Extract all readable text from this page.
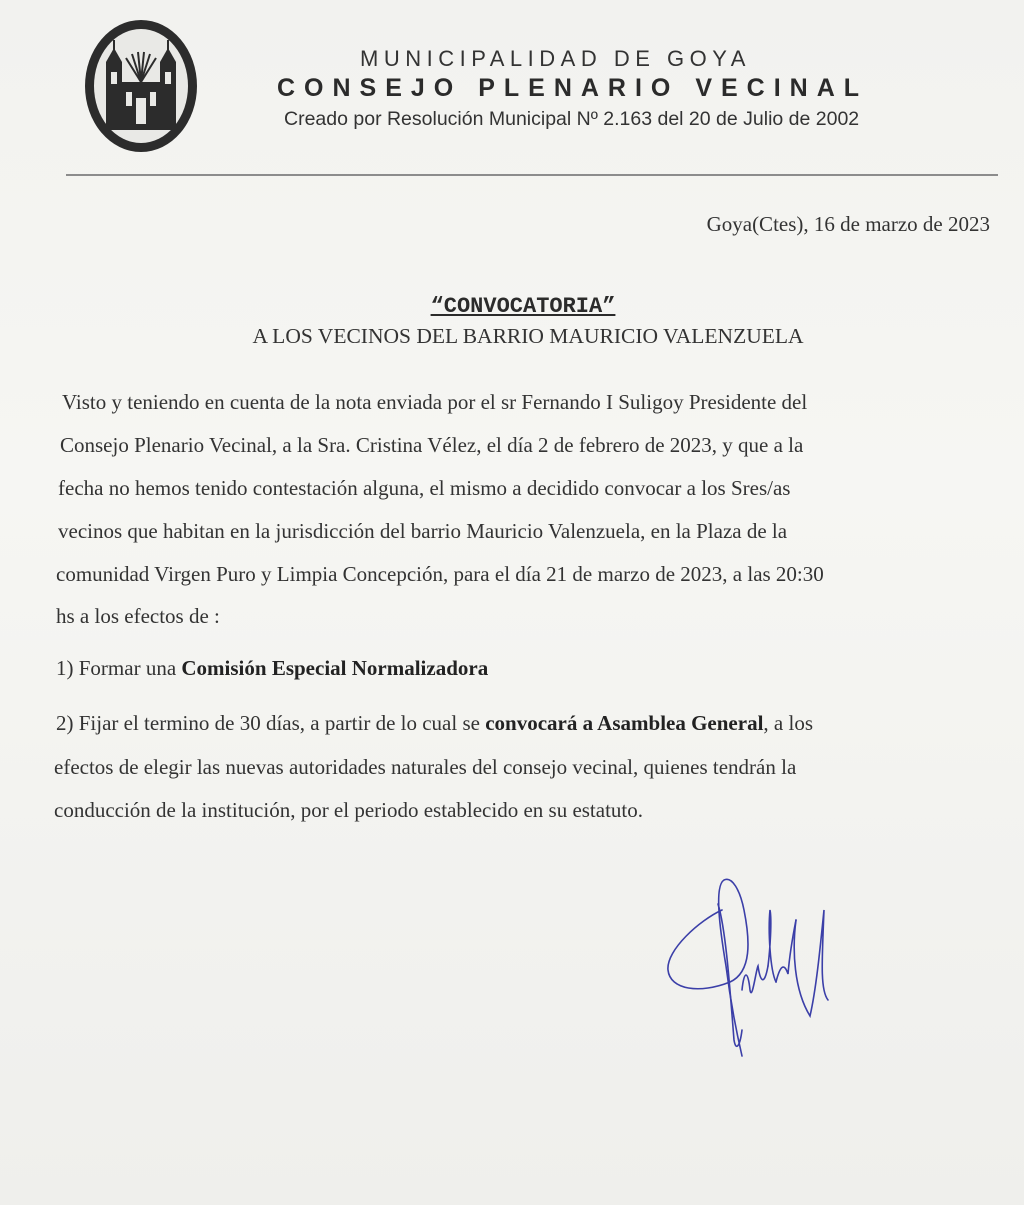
MUNICIPALIDAD DE GOYA
CONSEJO PLENARIO VECINAL
Creado por Resolución Municipal Nº 2.163 del 20 de Julio de 2002
Goya(Ctes), 16 de marzo de 2023
“CONVOCATORIA”
A LOS VECINOS DEL BARRIO MAURICIO VALENZUELA
Visto y teniendo en cuenta de la nota enviada por el sr Fernando I Suligoy Presidente del
Consejo Plenario Vecinal, a la Sra. Cristina Vélez, el día 2 de febrero de 2023, y que a la
fecha no hemos tenido contestación alguna, el mismo a decidido convocar a los Sres/as
vecinos que habitan en la jurisdicción del barrio Mauricio Valenzuela, en la Plaza de la
comunidad Virgen Puro y Limpia Concepción, para el día 21 de marzo de 2023, a las 20:30
hs a los efectos de :
1) Formar una Comisión Especial Normalizadora
2) Fijar el termino de 30 días, a partir de lo cual se convocará a Asamblea General, a los
efectos de elegir las nuevas autoridades naturales del consejo vecinal, quienes tendrán la
conducción de la institución, por el periodo establecido en su estatuto.
